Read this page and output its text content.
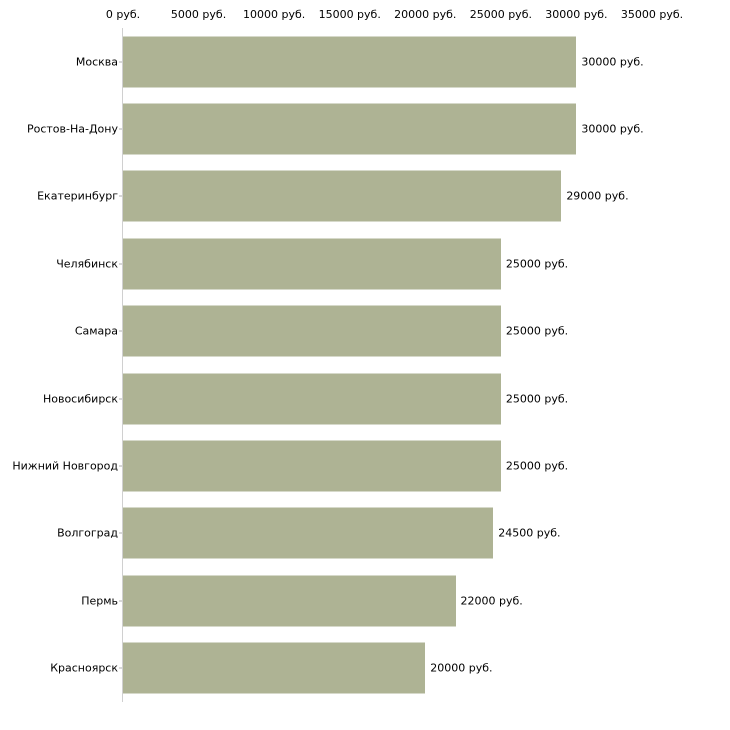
0 руб.	5000 руб. 10000 руб. 15000 руб. 20000 руб. 25000 руб. 30000 руб. 35000 руб.
Москва	30000 руб.
Ростов-На-Дону	30000 руб.
Екатеринбург	29000 руб.
Челябинск	25000 руб.
Самара	25000 руб.
Новосибирск	25000 руб.
Нижний Новгород	25000 руб.
Волгоград	24500 руб.
Пермь	22000 руб.
Красноярск	20000 руб.
